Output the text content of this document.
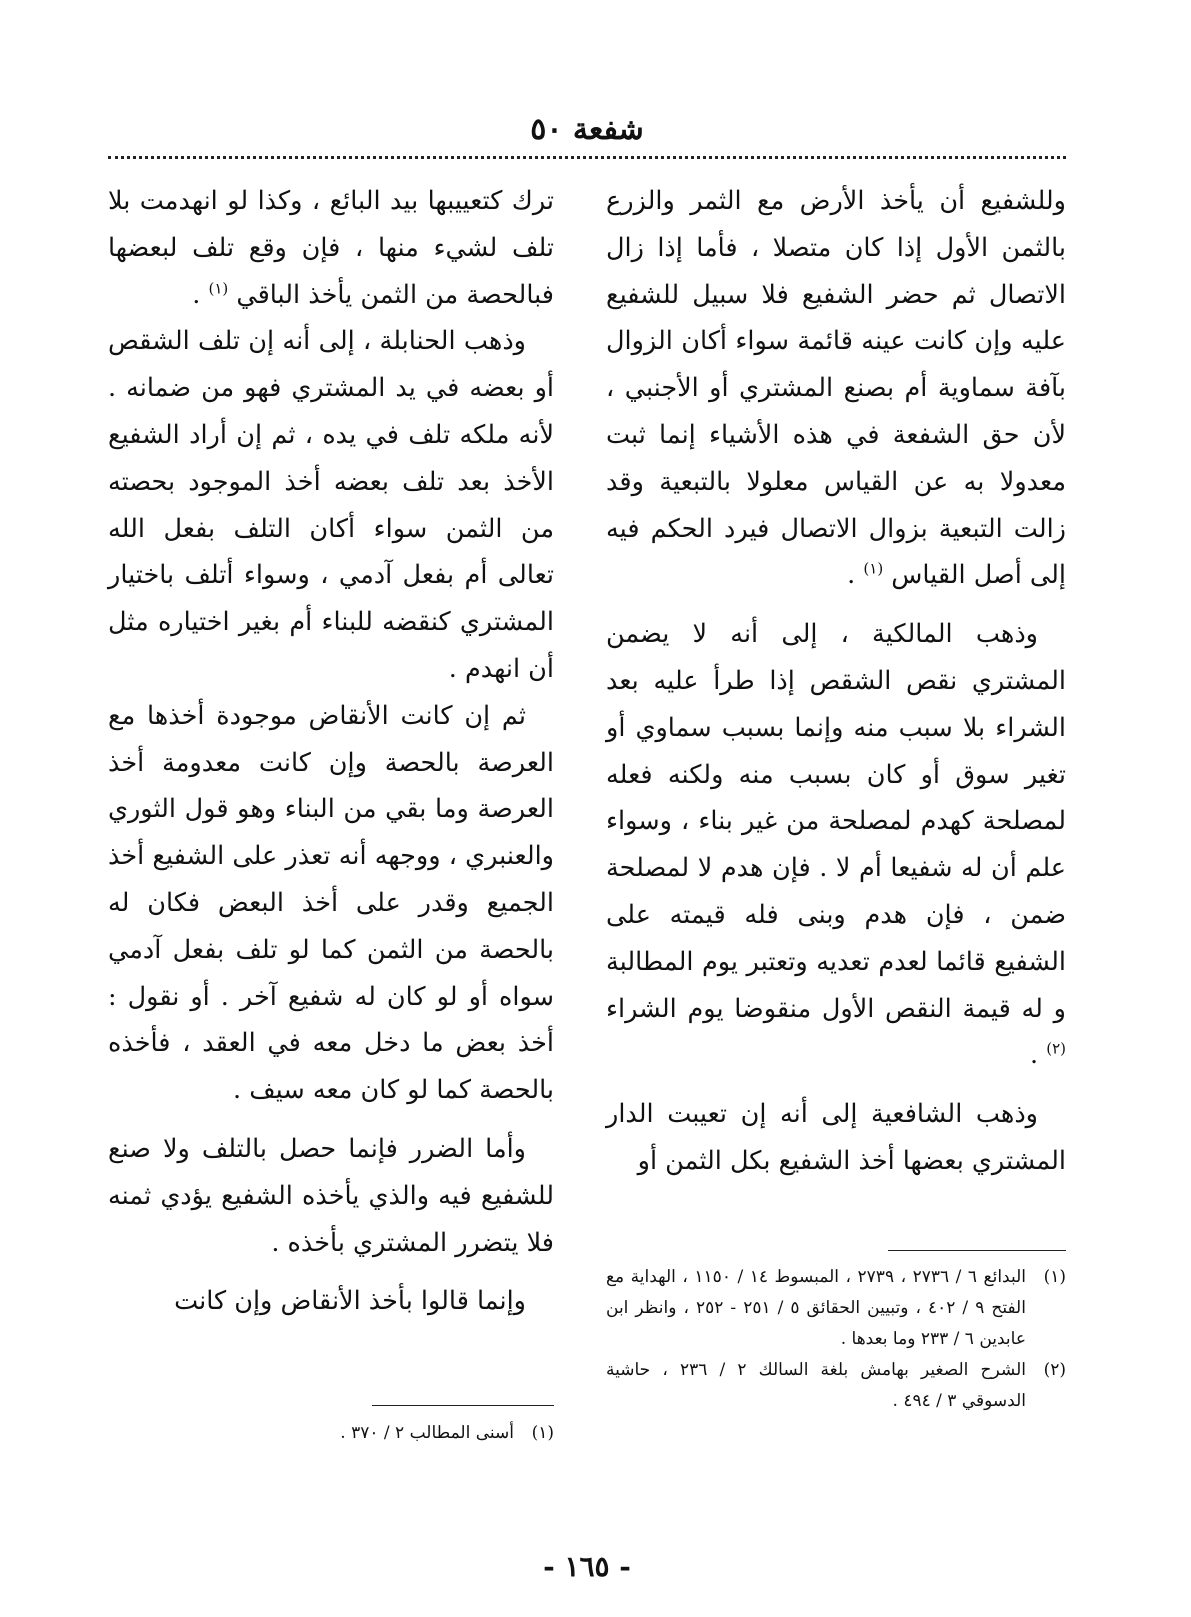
شفعة ٥٠

وللشفيع أن يأخذ الأرض مع الثمر والزرع بالثمن الأول إذا كان متصلا ، فأما إذا زال الاتصال ثم حضر الشفيع فلا سبيل للشفيع عليه وإن كانت عينه قائمة سواء أكان الزوال بآفة سماوية أم بصنع المشتري أو الأجنبي ، لأن حق الشفعة في هذه الأشياء إنما ثبت معدولا به عن القياس معلولا بالتبعية وقد زالت التبعية بزوال الاتصال فيرد الحكم فيه إلى أصل القياس $^{(١)}$ .

وذهب المالكية ، إلى أنه لا يضمن المشتري نقص الشقص إذا طرأ عليه بعد الشراء بلا سبب منه وإنما بسبب سماوي أو تغير سوق أو كان بسبب منه ولكنه فعله لمصلحة كهدم لمصلحة من غير بناء ، وسواء علم أن له شفيعا أم لا . فإن هدم لا لمصلحة ضمن ، فإن هدم وبنى فله قيمته على الشفيع قائما لعدم تعديه وتعتبر يوم المطالبة و له قيمة النقص الأول منقوضا يوم الشراء $^{(٢)}$ .

وذهب الشافعية إلى أنه إن تعيبت الدار المشتري بعضها أخذ الشفيع بكل الثمن أو

ترك كتعييبها بيد البائع ، وكذا لو انهدمت بلا تلف لشيء منها ، فإن وقع تلف لبعضها فبالحصة من الثمن يأخذ الباقي $^{(١)}$ .

وذهب الحنابلة ، إلى أنه إن تلف الشقص أو بعضه في يد المشتري فهو من ضمانه . لأنه ملكه تلف في يده ، ثم إن أراد الشفيع الأخذ بعد تلف بعضه أخذ الموجود بحصته من الثمن سواء أكان التلف بفعل الله تعالى أم بفعل آدمي ، وسواء أتلف باختيار المشتري كنقضه للبناء أم بغير اختياره مثل أن انهدم .

ثم إن كانت الأنقاض موجودة أخذها مع العرصة بالحصة وإن كانت معدومة أخذ العرصة وما بقي من البناء وهو قول الثوري والعنبري ، ووجهه أنه تعذر على الشفيع أخذ الجميع وقدر على أخذ البعض فكان له بالحصة من الثمن كما لو تلف بفعل آدمي سواه أو لو كان له شفيع آخر . أو نقول : أخذ بعض ما دخل معه في العقد ، فأخذه بالحصة كما لو كان معه سيف .

وأما الضرر فإنما حصل بالتلف ولا صنع للشفيع فيه والذي يأخذه الشفيع يؤدي ثمنه فلا يتضرر المشتري بأخذه .

وإنما قالوا بأخذ الأنقاض وإن كانت

(١)
البدائع ٦ / ٢٧٣٦ ، ٢٧٣٩ ، المبسوط ١٤ / ١١٥٠ ، الهداية مع الفتح ٩ / ٤٠٢ ، وتبيين الحقائق ٥ / ٢٥١ - ٢٥٢ ، وانظر ابن عابدين ٦ / ٢٣٣ وما بعدها .

(٢)
الشرح الصغير بهامش بلغة السالك ٢ / ٢٣٦ ، حاشية الدسوقي ٣ / ٤٩٤ .

(١)
أسنى المطالب ٢ / ٣٧٠ .

- ١٦٥ -
